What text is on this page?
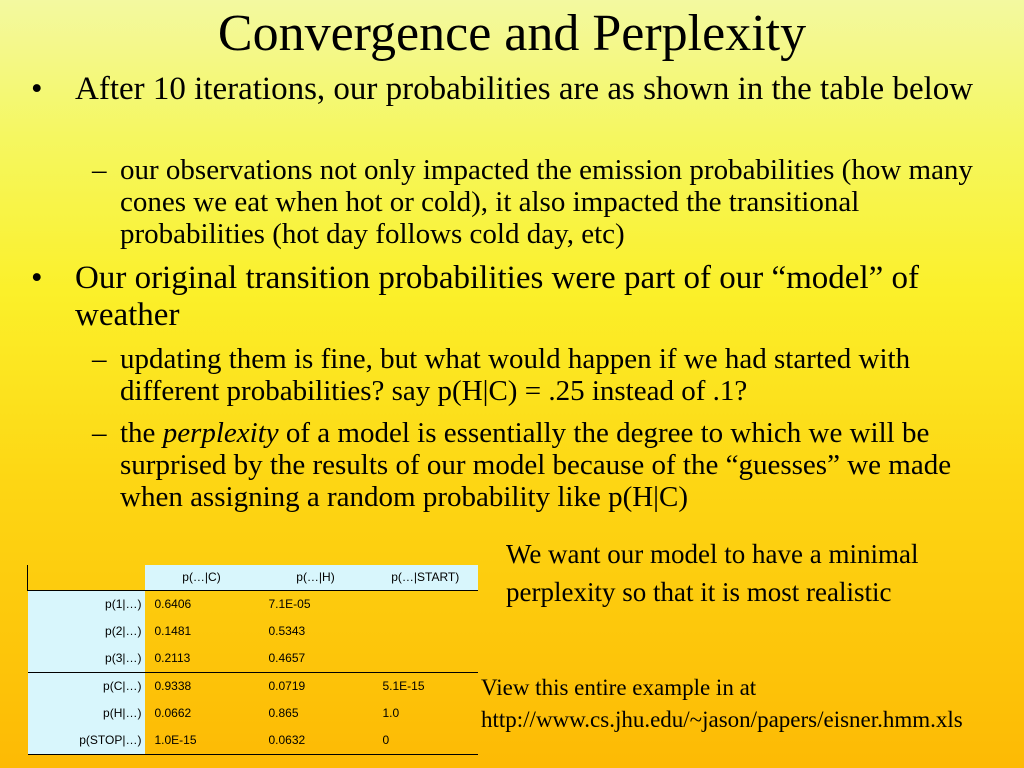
Convergence and Perplexity
• After 10 iterations, our probabilities are as shown in the table below
– our observations not only impacted the emission probabilities (how many cones we eat when hot or cold), it also impacted the transitional probabilities (hot day follows cold day, etc)
• Our original transition probabilities were part of our “model” of weather
– updating them is fine, but what would happen if we had started with different probabilities? say p(H|C) = .25 instead of .1?
– the perplexity of a model is essentially the degree to which we will be surprised by the results of our model because of the “guesses” we made when assigning a random probability like p(H|C)
We want our model to have a minimal perplexity so that it is most realistic
View this entire example in at
http://www.cs.jhu.edu/~jason/papers/eisner.hmm.xls
	p(…|C)	p(…|H)	p(…|START)
p(1|…)	0.6406	7.1E-05	
p(2|…)	0.1481	0.5343	
p(3|…)	0.2113	0.4657	
p(C|…)	0.9338	0.0719	5.1E-15
p(H|…)	0.0662	0.865	1.0
p(STOP|…)	1.0E-15	0.0632	0
